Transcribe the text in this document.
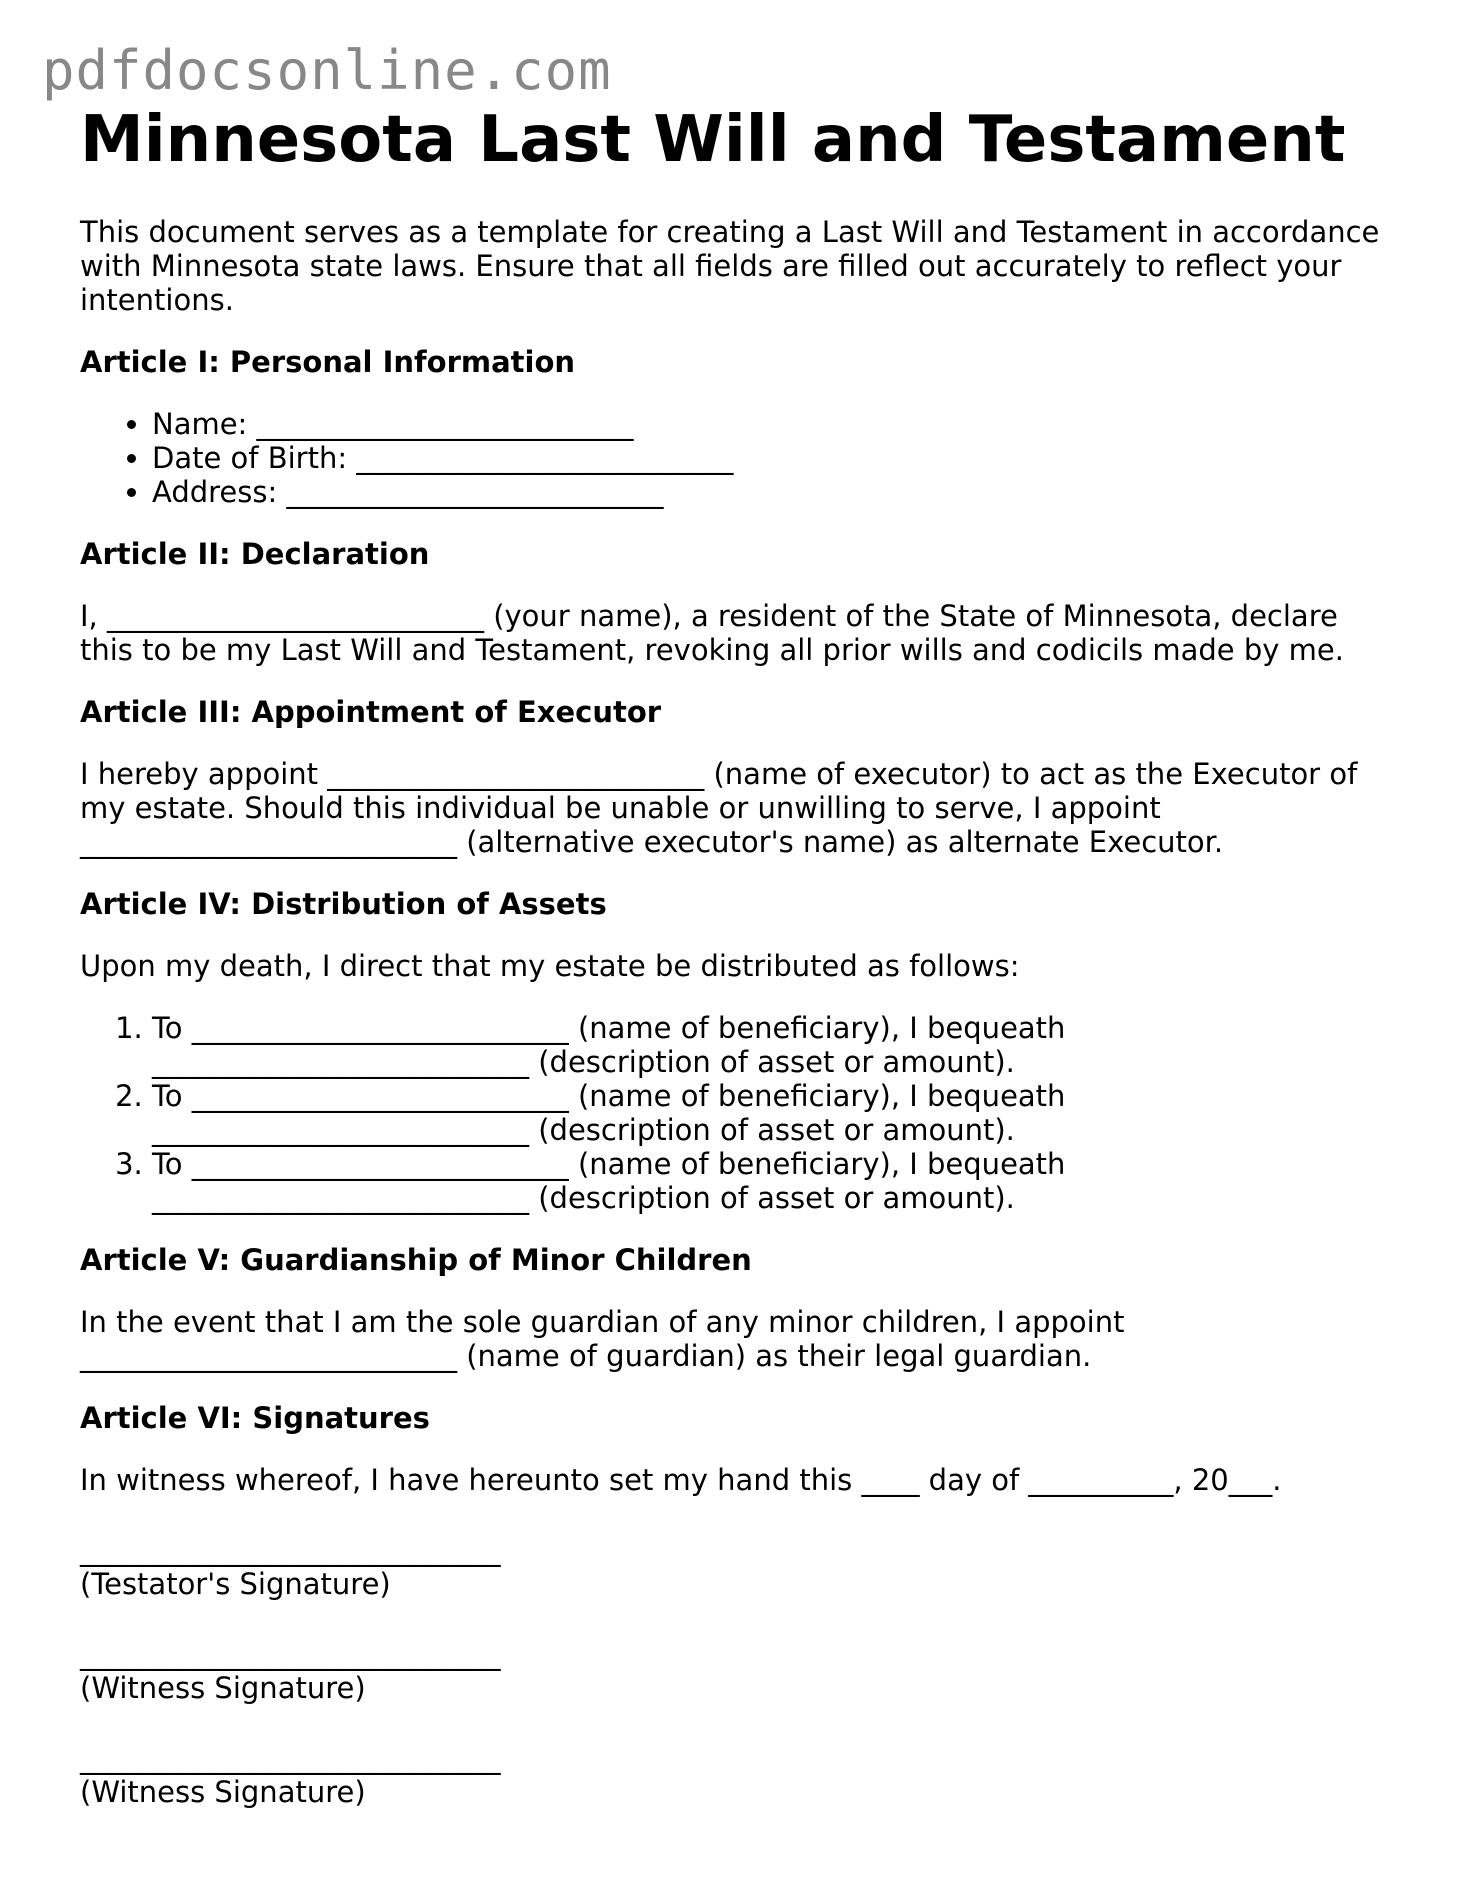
pdfdocsonline.com
Minnesota Last Will and Testament

This document serves as a template for creating a Last Will and Testament in accordance with Minnesota state laws. Ensure that all fields are filled out accurately to reflect your intentions.

Article I: Personal Information
• Name: __________________________
• Date of Birth: __________________________
• Address: __________________________
Article II: Declaration

I, __________________________ (your name), a resident of the State of Minnesota, declare this to be my Last Will and Testament, revoking all prior wills and codicils made by me.

Article III: Appointment of Executor

I hereby appoint __________________________ (name of executor) to act as the Executor of my estate. Should this individual be unable or unwilling to serve, I appoint __________________________ (alternative executor's name) as alternate Executor.

Article IV: Distribution of Assets

Upon my death, I direct that my estate be distributed as follows:

1. To __________________________ (name of beneficiary), I bequeath __________________________ (description of asset or amount).
2. To __________________________ (name of beneficiary), I bequeath __________________________ (description of asset or amount).
3. To __________________________ (name of beneficiary), I bequeath __________________________ (description of asset or amount).
Article V: Guardianship of Minor Children

In the event that I am the sole guardian of any minor children, I appoint __________________________ (name of guardian) as their legal guardian.

Article VI: Signatures

In witness whereof, I have hereunto set my hand this ____ day of __________, 20___.

_____________________________
(Testator's Signature)
_____________________________
(Witness Signature)
_____________________________
(Witness Signature)
